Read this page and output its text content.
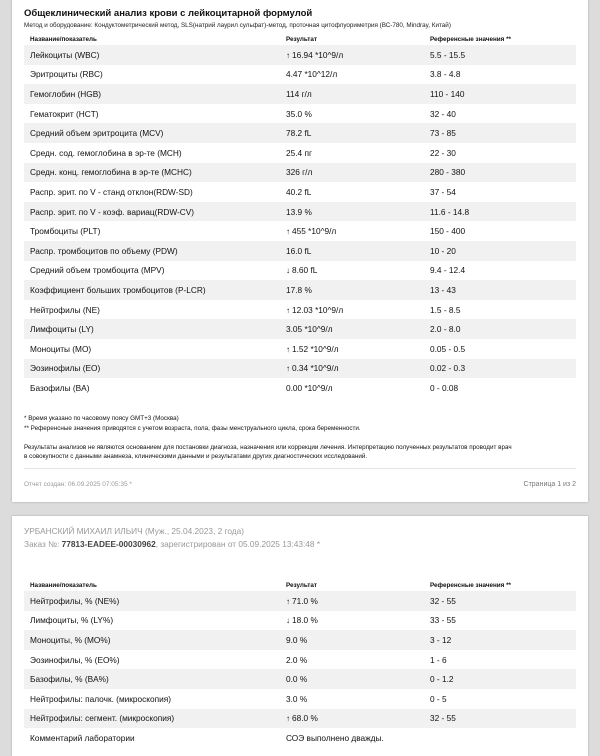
Общеклинический анализ крови с лейкоцитарной формулой
Метод и оборудование: Кондуктометрический метод, SLS(натрий лаурил сульфат)-метод, проточная цитофлуориметрия (ВС-780, Mindray, Китай)
Название/показатель	Результат	Референсные значения **
Лейкоциты (WBC)	↑ 16.94 *10^9/л	5.5 - 15.5
Эритроциты (RBC)	4.47 *10^12/л	3.8 - 4.8
Гемоглобин (HGB)	114 г/л	110 - 140
Гематокрит (HCT)	35.0 %	32 - 40
Средний объем эритроцита (MCV)	78.2 fL	73 - 85
Средн. сод. гемоглобина в эр-те (MCH)	25.4 пг	22 - 30
Средн. конц. гемоглобина в эр-те (MCHC)	326 г/л	280 - 380
Распр. эрит. по V - станд отклон(RDW-SD)	40.2 fL	37 - 54
Распр. эрит. по V - коэф. вариац(RDW-CV)	13.9 %	11.6 - 14.8
Тромбоциты (PLT)	↑ 455 *10^9/л	150 - 400
Распр. тромбоцитов по объему (PDW)	16.0 fL	10 - 20
Средний объем тромбоцита (MPV)	↓ 8.60 fL	9.4 - 12.4
Коэффициент больших тромбоцитов (P-LCR)	17.8 %	13 - 43
Нейтрофилы (NE)	↑ 12.03 *10^9/л	1.5 - 8.5
Лимфоциты (LY)	3.05 *10^9/л	2.0 - 8.0
Моноциты (MO)	↑ 1.52 *10^9/л	0.05 - 0.5
Эозинофилы (EO)	↑ 0.34 *10^9/л	0.02 - 0.3
Базофилы (BA)	0.00 *10^9/л	0 - 0.08
* Время указано по часовому поясу GMT+3 (Москва)
** Референсные значения приводятся с учетом возраста, пола, фазы менструального цикла, срока беременности.
Результаты анализов не являются основанием для постановки диагноза, назначения или коррекции лечения. Интерпретацию полученных результатов проводит врач
в совокупности с данными анамнеза, клиническими данными и результатами других диагностических исследований.
Отчет создан: 06.09.2025 07:05:35 *	Страница 1 из 2
УРБАНСКИЙ МИХАИЛ ИЛЬИЧ (Муж., 25.04.2023, 2 года)
Заказ №: 77813-EADEE-00030962, зарегистрирован от 05.09.2025 13:43:48 *
Название/показатель	Результат	Референсные значения **
Нейтрофилы, % (NE%)	↑ 71.0 %	32 - 55
Лимфоциты, % (LY%)	↓ 18.0 %	33 - 55
Моноциты, % (MO%)	9.0 %	3 - 12
Эозинофилы, % (EO%)	2.0 %	1 - 6
Базофилы, % (BA%)	0.0 %	0 - 1.2
Нейтрофилы: палочк. (микроскопия)	3.0 %	0 - 5
Нейтрофилы: сегмент. (микроскопия)	↑ 68.0 %	32 - 55
Комментарий лаборатории	СОЭ выполнено дважды.	
